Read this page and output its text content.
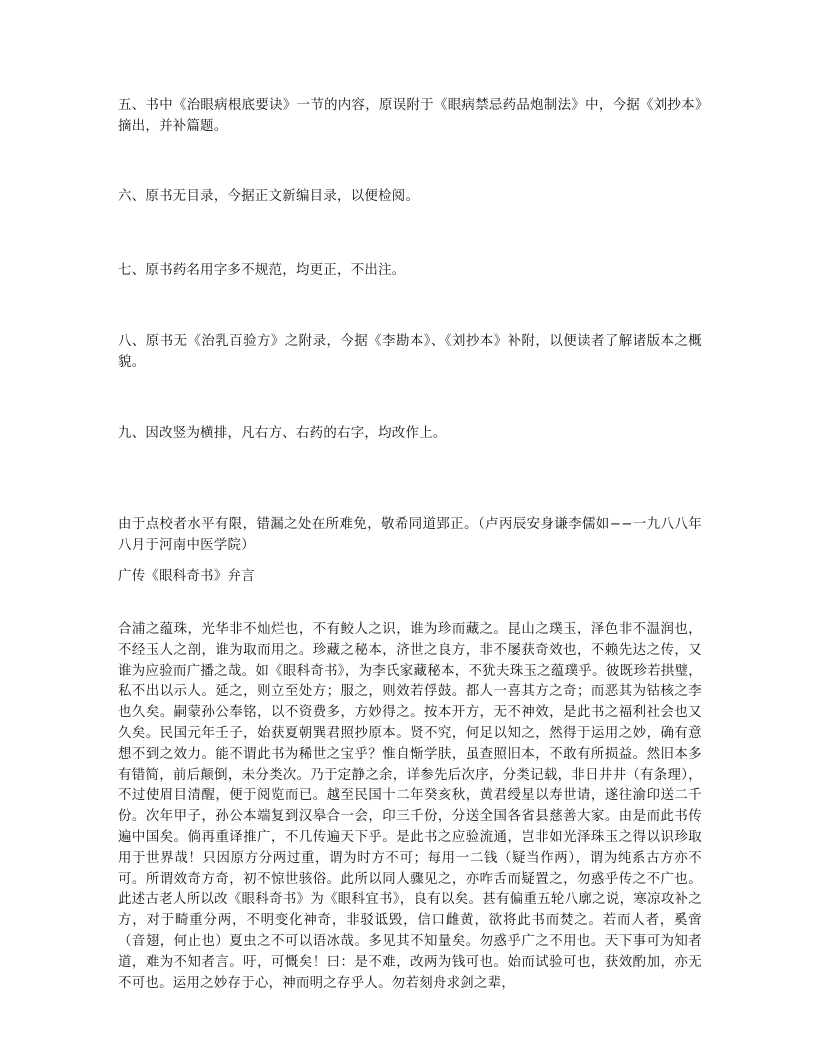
五、书中《治眼病根底要诀》一节的内容，原误附于《眼病禁忌药品炮制法》中，今据《刘抄本》摘出，并补篇题。

六、原书无目录，今据正文新编目录，以便检阅。

七、原书药名用字多不规范，均更正，不出注。

八、原书无《治乳百验方》之附录，今据《李勘本》、《刘抄本》补附，以便读者了解诸版本之概貌。

九、因改竖为横排，凡右方、右药的右字，均改作上。

由于点校者水平有限，错漏之处在所难免，敬希同道郢正。（卢丙辰安身谦李儒如−−一九八八年八月于河南中医学院）

广传《眼科奇书》弁言

合浦之蕴珠，光华非不灿烂也，不有鲛人之识，谁为珍而藏之。昆山之璞玉，泽色非不温润也，不经玉人之剖，谁为取而用之。珍藏之秘本，济世之良方，非不屡获奇效也，不赖先达之传，又谁为应验而广播之哉。如《眼科奇书》，为李氏家藏秘本，不犹夫珠玉之蕴璞乎。彼既珍若拱璧，私不出以示人。延之，则立至处方；服之，则效若俘鼓。都人一喜其方之奇；而恶其为钴核之李也久矣。嗣蒙孙公奉铭，以不资费多，方妙得之。按本开方，无不神效，是此书之福利社会也又久矣。民国元年壬子，始获夏朝巽君照抄原本。贤不究，何足以知之，然得于运用之妙，确有意想不到之效力。能不谓此书为稀世之宝乎？惟自惭学肤，虽查照旧本，不敢有所损益。然旧本多有错简，前后颠倒，未分类次。乃于定静之余，详参先后次序，分类记载，非日井井（有条理），不过使眉目清醒，便于阅览而已。越至民国十二年癸亥秋，黄君绶星以寿世请，遂往渝印送二千份。次年甲子，孙公本端复到汉皋合一会，印三千份，分送全国各省县慈善大家。由是而此书传遍中国矣。倘再重译推广，不几传遍天下乎。是此书之应验流通，岂非如光泽珠玉之得以识珍取用于世界哉！只因原方分两过重，谓为时方不可；每用一二钱（疑当作两），谓为纯系古方亦不可。所谓效奇方奇，初不惊世骇俗。此所以同人骤见之，亦咋舌而疑置之，勿惑乎传之不广也。此述古老人所以改《眼科奇书》为《眼科宜书》，良有以矣。甚有偏重五轮八廓之说，寒凉攻补之方，对于畸重分两，不明变化神奇，非驳诋毁，信口雌黄，欲将此书而焚之。若而人者，奚啻（音翅，何止也）夏虫之不可以语冰哉。多见其不知量矣。勿惑乎广之不用也。天下事可为知者道，难为不知者言。吁，可慨矣！曰：是不难，改两为钱可也。始而试验可也，获效酌加，亦无不可也。运用之妙存于心，神而明之存乎人。勿若刻舟求剑之辈，
